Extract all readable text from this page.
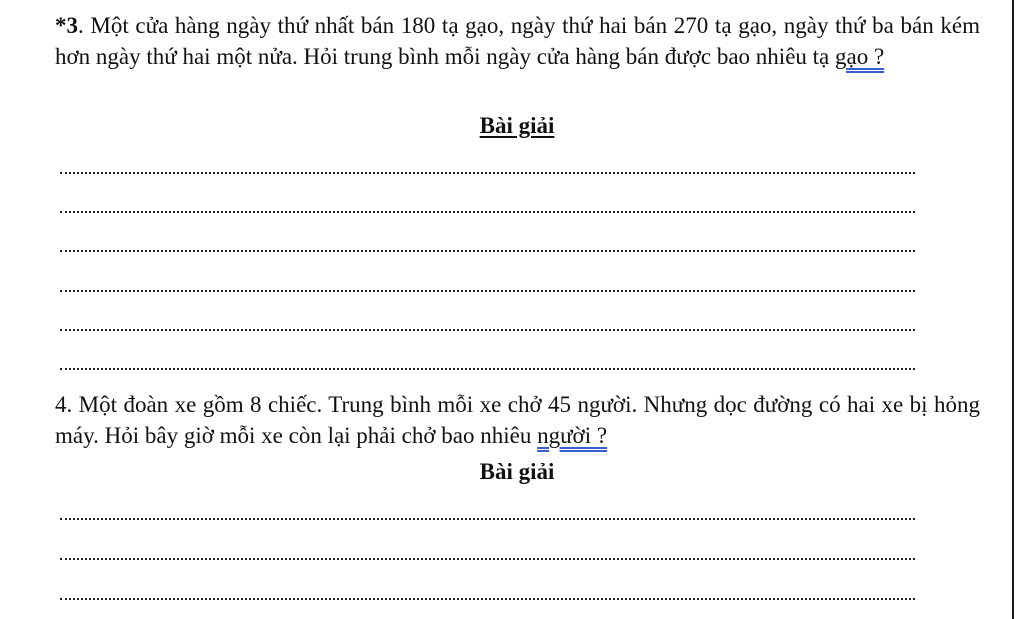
*3. Một cửa hàng ngày thứ nhất bán 180 tạ gạo, ngày thứ hai bán 270 tạ gạo, ngày thứ ba bán kém hơn ngày thứ hai một nửa. Hỏi trung bình mỗi ngày cửa hàng bán được bao nhiêu tạ gạo ?

Bài giải

4. Một đoàn xe gồm 8 chiếc. Trung bình mỗi xe chở 45 người. Nhưng dọc đường có hai xe bị hỏng máy. Hỏi bây giờ mỗi xe còn lại phải chở bao nhiêu người ?

Bài giải
